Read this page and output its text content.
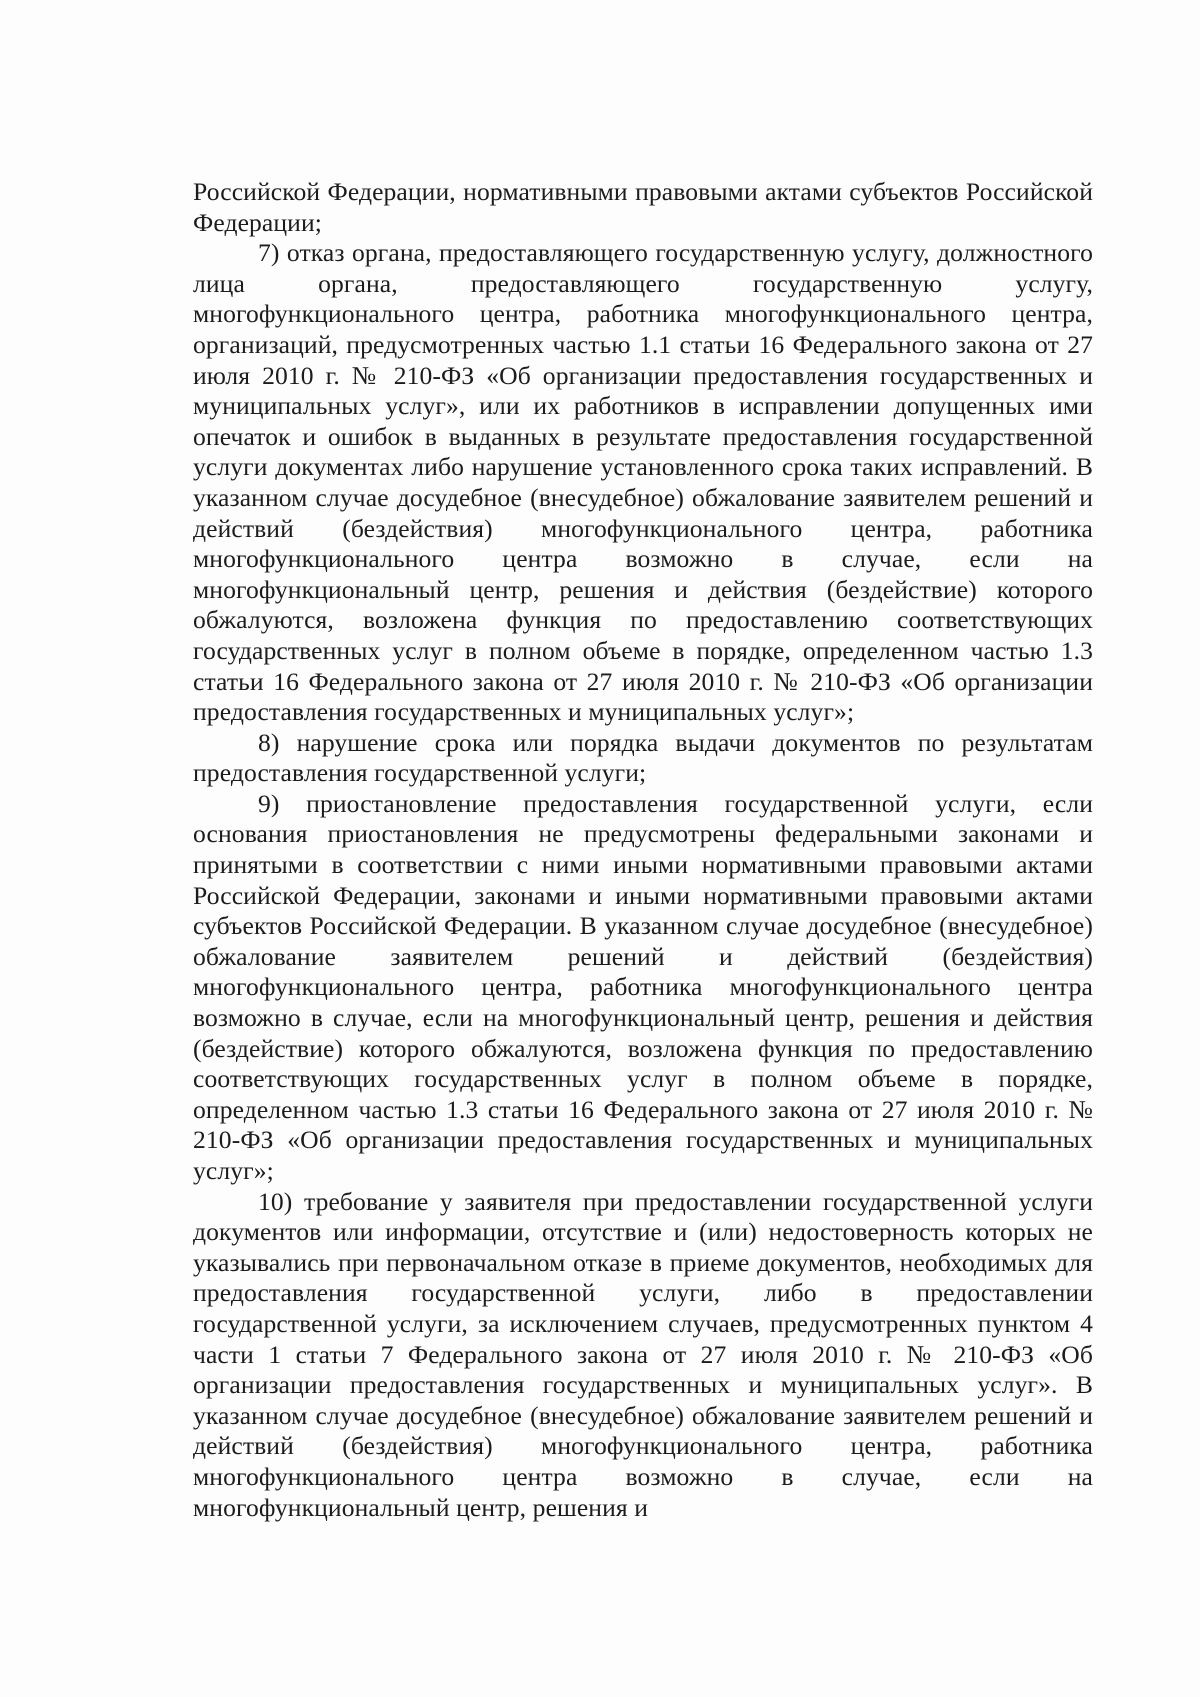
Российской Федерации, нормативными правовыми актами субъектов Российской Федерации;

7) отказ органа, предоставляющего государственную услугу, должностного лица органа, предоставляющего государственную услугу, многофункционального центра, работника многофункционального центра, организаций, предусмотренных частью 1.1 статьи 16 Федерального закона от 27 июля 2010 г. № 210-ФЗ «Об организации предоставления государственных и муниципальных услуг», или их работников в исправлении допущенных ими опечаток и ошибок в выданных в результате предоставления государственной услуги документах либо нарушение установленного срока таких исправлений. В указанном случае досудебное (внесудебное) обжалование заявителем решений и действий (бездействия) многофункционального центра, работника многофункционального центра возможно в случае, если на многофункциональный центр, решения и действия (бездействие) которого обжалуются, возложена функция по предоставлению соответствующих государственных услуг в полном объеме в порядке, определенном частью 1.3 статьи 16 Федерального закона от 27 июля 2010 г. № 210-ФЗ «Об организации предоставления государственных и муниципальных услуг»;

8) нарушение срока или порядка выдачи документов по результатам предоставления государственной услуги;

9) приостановление предоставления государственной услуги, если основания приостановления не предусмотрены федеральными законами и принятыми в соответствии с ними иными нормативными правовыми актами Российской Федерации, законами и иными нормативными правовыми актами субъектов Российской Федерации. В указанном случае досудебное (внесудебное) обжалование заявителем решений и действий (бездействия) многофункционального центра, работника многофункционального центра возможно в случае, если на многофункциональный центр, решения и действия (бездействие) которого обжалуются, возложена функция по предоставлению соответствующих государственных услуг в полном объеме в порядке, определенном частью 1.3 статьи 16 Федерального закона от 27 июля 2010 г. № 210-ФЗ «Об организации предоставления государственных и муниципальных услуг»;

10) требование у заявителя при предоставлении государственной услуги документов или информации, отсутствие и (или) недостоверность которых не указывались при первоначальном отказе в приеме документов, необходимых для предоставления государственной услуги, либо в предоставлении государственной услуги, за исключением случаев, предусмотренных пунктом 4 части 1 статьи 7 Федерального закона от 27 июля 2010 г. № 210-ФЗ «Об организации предоставления государственных и муниципальных услуг». В указанном случае досудебное (внесудебное) обжалование заявителем решений и действий (бездействия) многофункционального центра, работника многофункционального центра возможно в случае, если на многофункциональный центр, решения и
